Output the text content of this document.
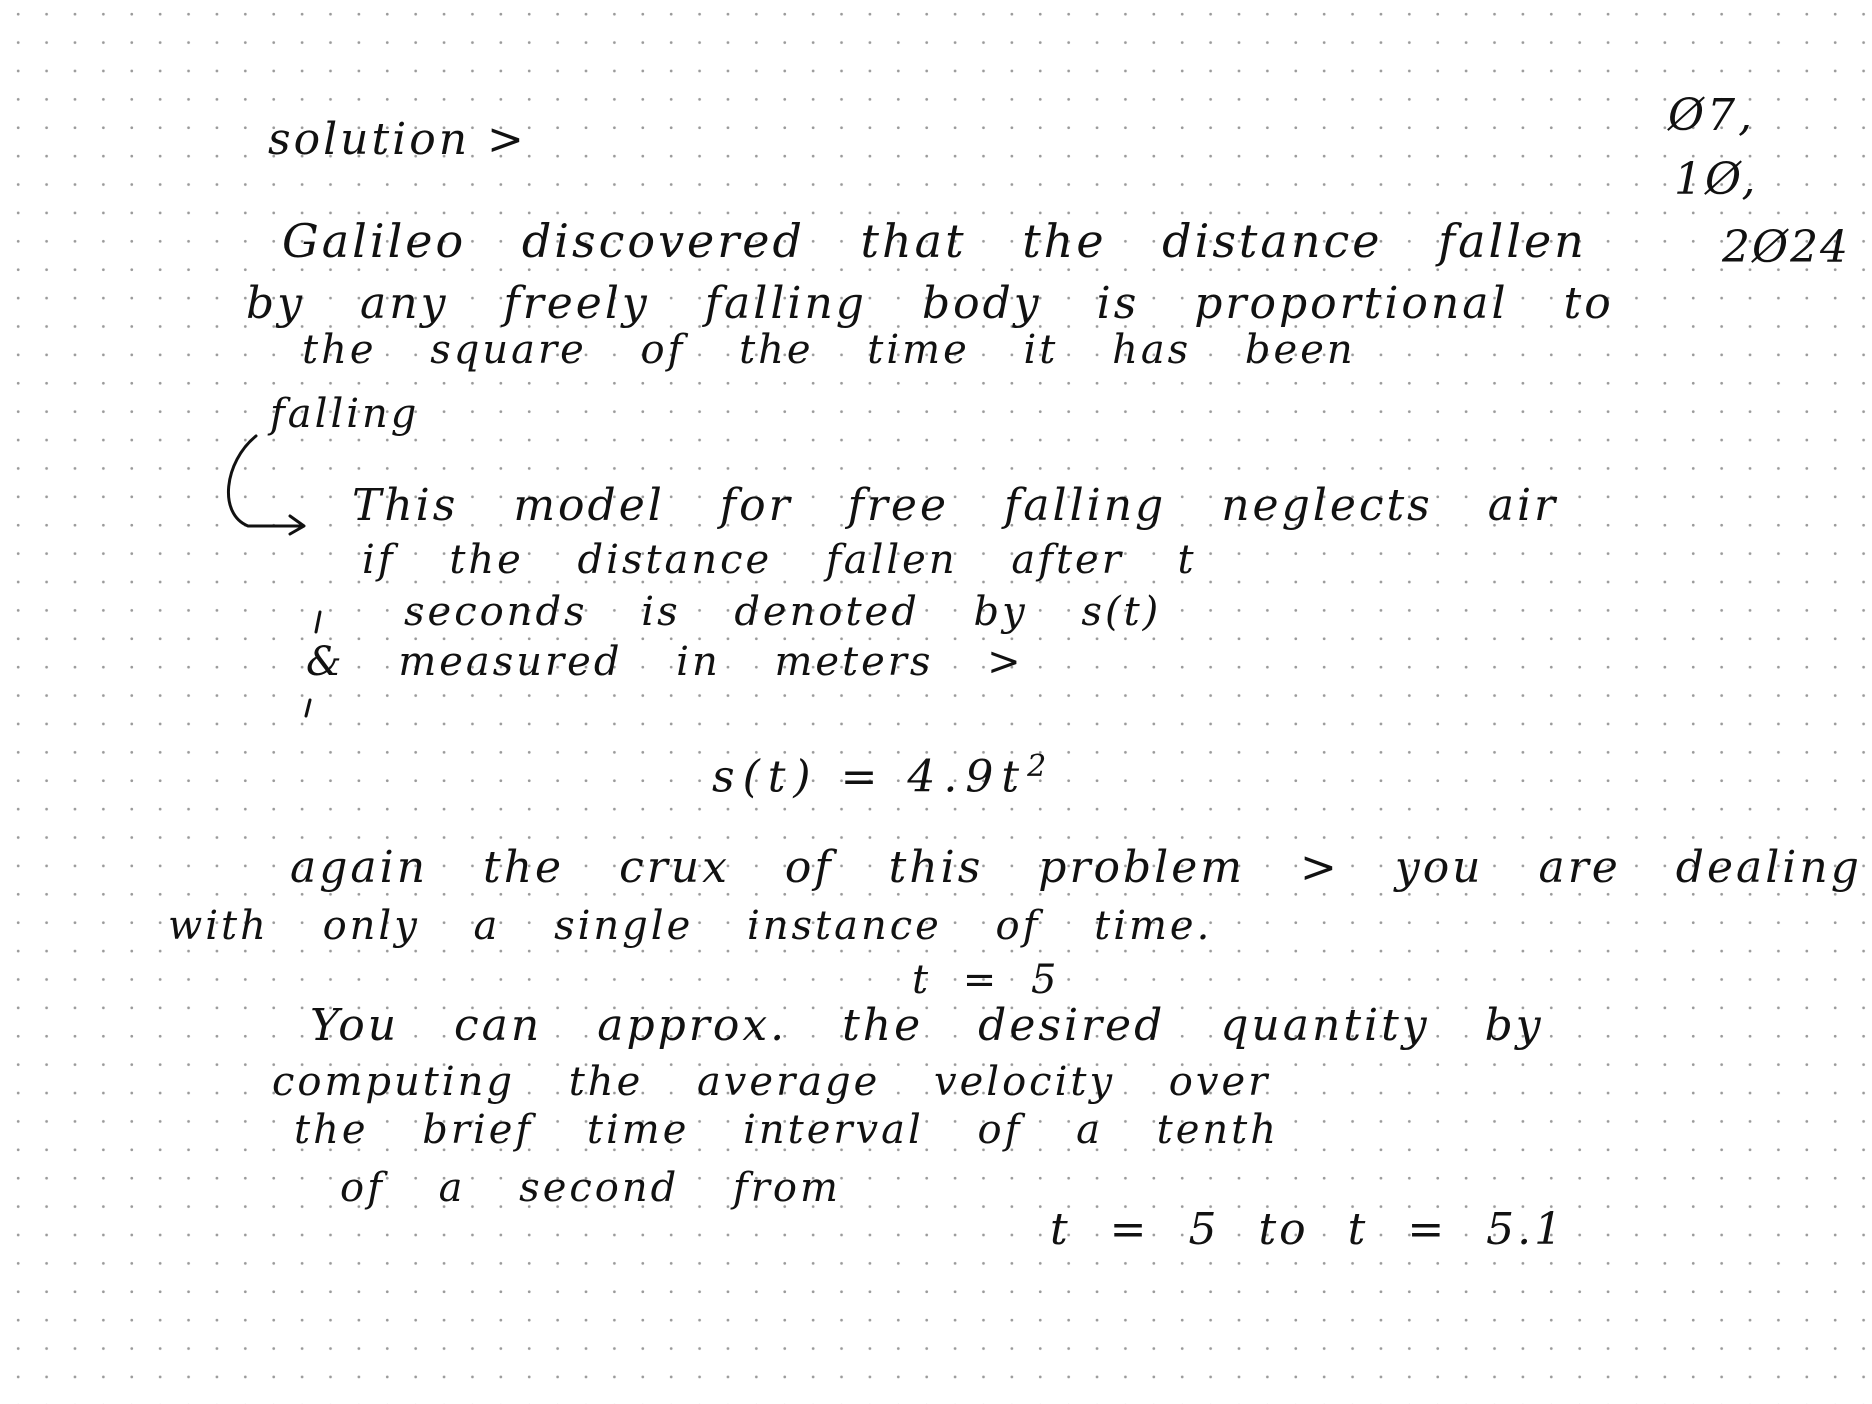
solution >	Ø7,
1Ø,
Galileo discovered that the distance fallen	2Ø24
by any freely falling body is proportional to
the square of the time it has been
falling
This model for free falling neglects air
if the distance fallen after t
seconds is denoted by s(t)
& measured in meters >
$s(t) = 4.9t^2$
again the crux of this problem > you are dealing
with only a single instance of time.
t = 5
You can approx. the desired quantity by
computing the average velocity over
the brief time interval of a tenth
of a second from
t = 5 to t = 5.1
